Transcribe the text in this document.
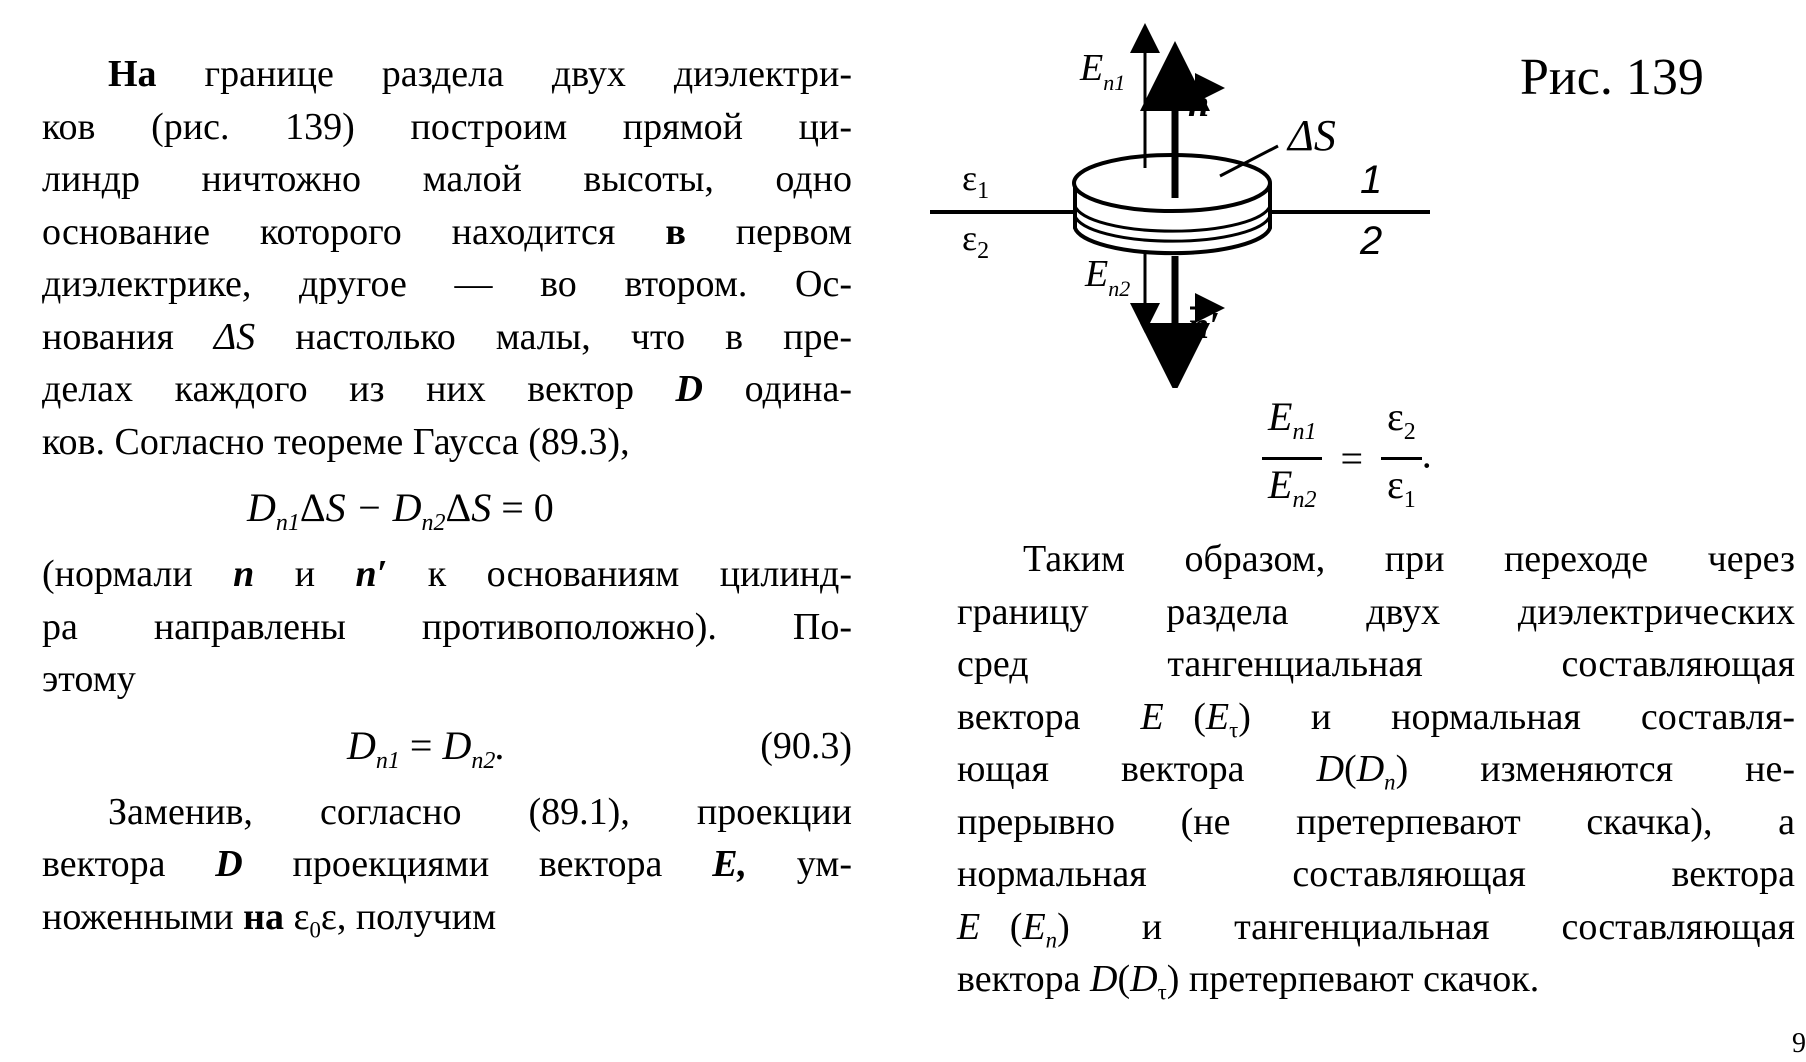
На границе раздела двух диэлектри-
ков (рис. 139) построим прямой ци-
линдр ничтожно малой высоты, одно
основание которого находится в первом
диэлектрике, другое — во втором. Ос-
нования ΔS настолько малы, что в пре-
делах каждого из них вектор D одина-
ков. Согласно теореме Гаусса (89.3),
$D_{n1}\Delta S - D_{n2}\Delta S = 0$
(нормали n и n′ к основаниям цилинд-
ра направлены противоположно). По-
этому
$D_{n1} = D_{n2}$.	(90.3)
Заменив, согласно (89.1), проекции
вектора D проекциями вектора E, ум-
ноженными на $\varepsilon_0\varepsilon$, получим
$E_{n1}$
n
ΔS
$\varepsilon_1$
$\varepsilon_2$
1
2
$E_{n2}$
n′
Рис. 139
$\frac{E_{n1}}{E_{n2}} = \frac{\varepsilon_2}{\varepsilon_1}$ .
Таким образом, при переходе через
границу раздела двух диэлектрических
сред тангенциальная составляющая
вектора $E⃗(E_\tau)$ и нормальная составля-
ющая вектора $D(D_n)$ изменяются не-
прерывно (не претерпевают скачка), а
нормальная составляющая вектора
$E⃗(E_n)$ и тангенциальная составляющая
вектора $D(D_\tau)$ претерпевают скачок.
9
